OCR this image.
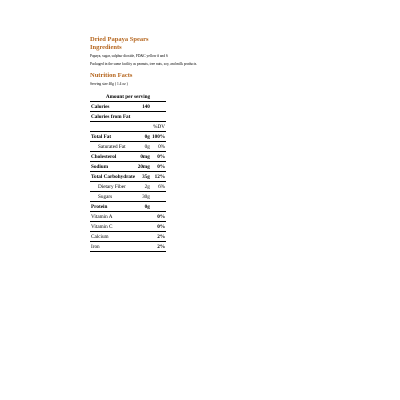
Dried Papaya Spears
Ingredients
Papaya, sugar, sulphur dioxide, FD&C yellow # and 6
Packaged in the same facility as peanuts, tree nuts, soy, and milk products.
Nutrition Facts
Serving size 40g ( 1.4 oz )
Amount per serving		
Calories	140	
Calories from Fat		
		%DV
Total Fat	0g	100%
Saturated Fat	0g	0%
Cholesterol	0mg	0%
Sodium	20mg	0%
Total Carbohydrate	35g	12%
Dietary Fiber	2g	6%
Sugars	30g	
Protein	0g	
Vitamin A		0%
Vitamin C		0%
Calcium		2%
Iron		2%
